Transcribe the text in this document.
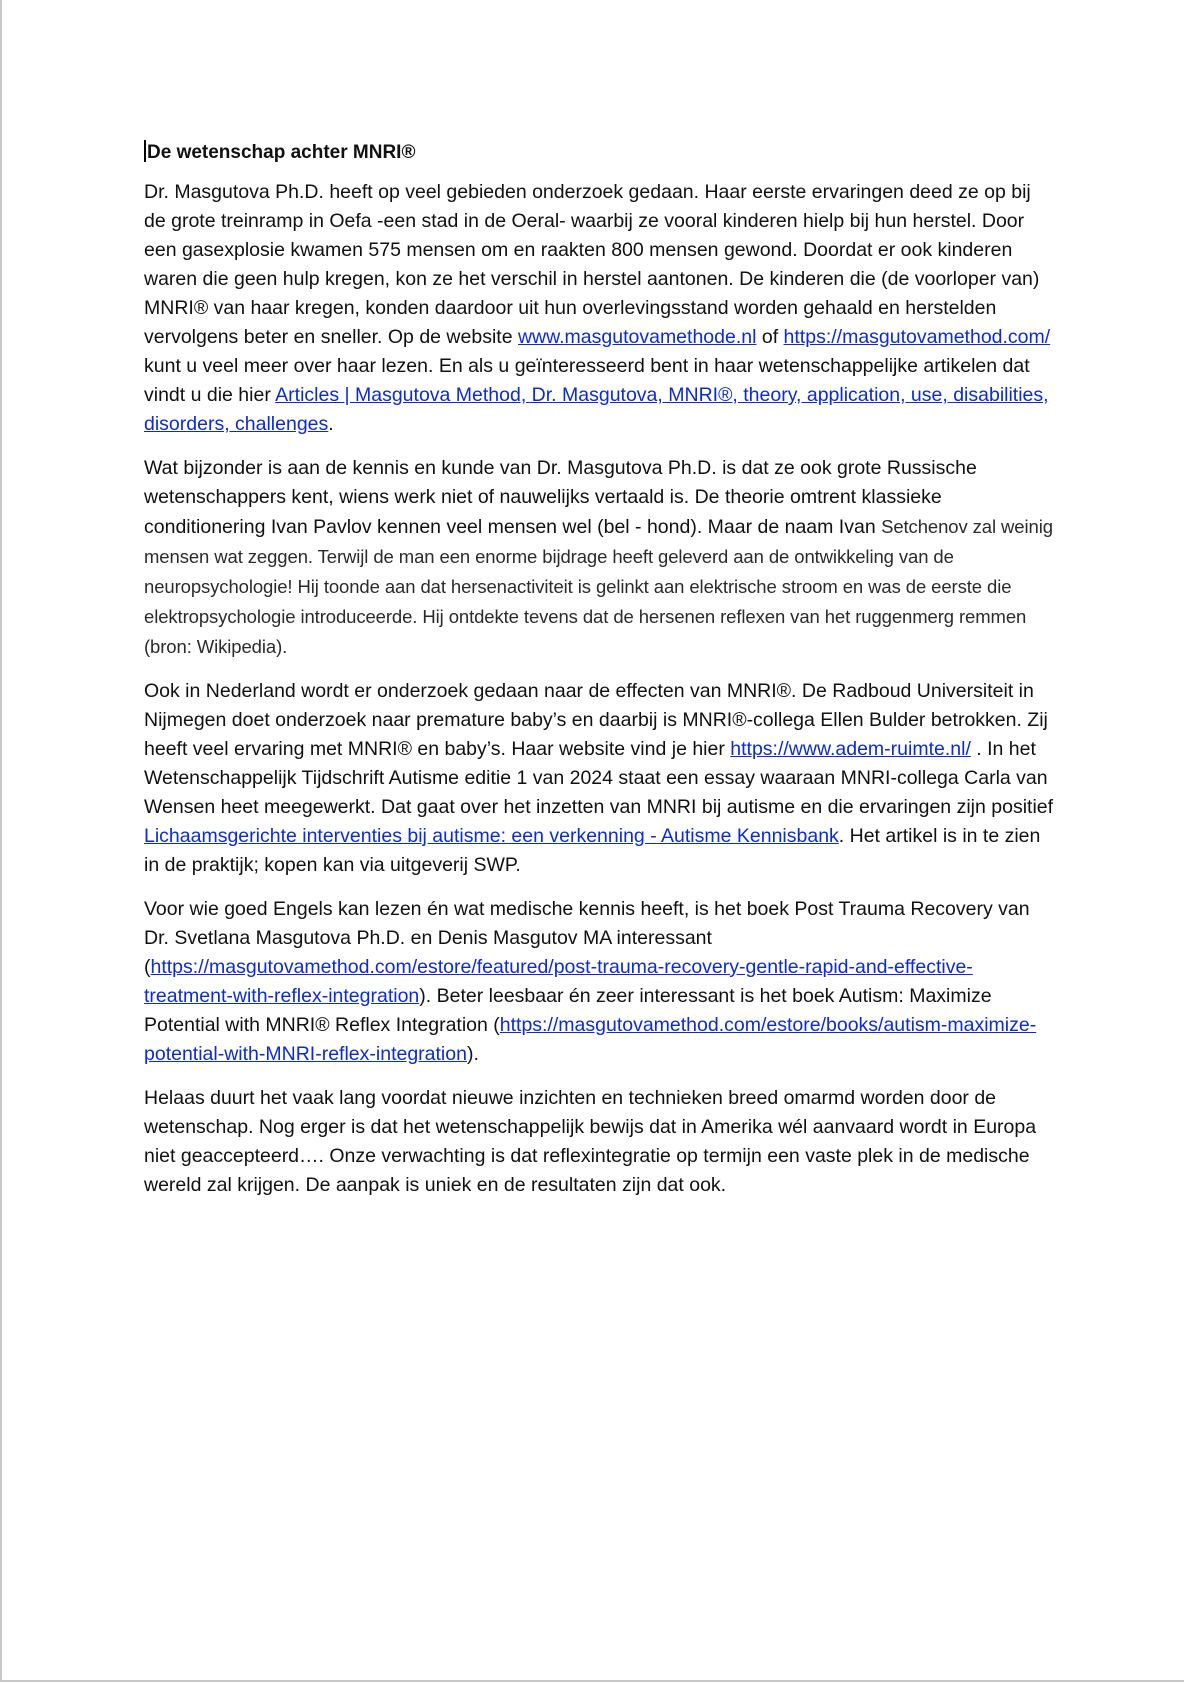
De wetenschap achter MNRI®

Dr. Masgutova Ph.D. heeft op veel gebieden onderzoek gedaan. Haar eerste ervaringen deed ze op bij de grote treinramp in Oefa -een stad in de Oeral- waarbij ze vooral kinderen hielp bij hun herstel. Door een gasexplosie kwamen 575 mensen om en raakten 800 mensen gewond. Doordat er ook kinderen waren die geen hulp kregen, kon ze het verschil in herstel aantonen. De kinderen die (de voorloper van) MNRI® van haar kregen, konden daardoor uit hun overlevingsstand worden gehaald en herstelden vervolgens beter en sneller. Op de website www.masgutovamethode.nl of https://masgutovamethod.com/ kunt u veel meer over haar lezen. En als u geïnteresseerd bent in haar wetenschappelijke artikelen dat vindt u die hier Articles | Masgutova Method, Dr. Masgutova, MNRI®, theory, application, use, disabilities, disorders, challenges.

Wat bijzonder is aan de kennis en kunde van Dr. Masgutova Ph.D. is dat ze ook grote Russische wetenschappers kent, wiens werk niet of nauwelijks vertaald is. De theorie omtrent klassieke conditionering Ivan Pavlov kennen veel mensen wel (bel - hond). Maar de naam Ivan Setchenov zal weinig mensen wat zeggen. Terwijl de man een enorme bijdrage heeft geleverd aan de ontwikkeling van de neuropsychologie! Hij toonde aan dat hersenactiviteit is gelinkt aan elektrische stroom en was de eerste die elektropsychologie introduceerde. Hij ontdekte tevens dat de hersenen reflexen van het ruggenmerg remmen (bron: Wikipedia).

Ook in Nederland wordt er onderzoek gedaan naar de effecten van MNRI®. De Radboud Universiteit in Nijmegen doet onderzoek naar premature baby’s en daarbij is MNRI®-collega Ellen Bulder betrokken. Zij heeft veel ervaring met MNRI® en baby’s. Haar website vind je hier https://www.adem-ruimte.nl/ . In het Wetenschappelijk Tijdschrift Autisme editie 1 van 2024 staat een essay waaraan MNRI-collega Carla van Wensen heet meegewerkt. Dat gaat over het inzetten van MNRI bij autisme en die ervaringen zijn positief Lichaamsgerichte interventies bij autisme: een verkenning - Autisme Kennisbank. Het artikel is in te zien in de praktijk; kopen kan via uitgeverij SWP.

Voor wie goed Engels kan lezen én wat medische kennis heeft, is het boek Post Trauma Recovery van Dr. Svetlana Masgutova Ph.D. en Denis Masgutov MA interessant (https://masgutovamethod.com/estore/featured/post-trauma-recovery-gentle-rapid-and-effective-treatment-with-reflex-integration). Beter leesbaar én zeer interessant is het boek Autism: Maximize Potential with MNRI® Reflex Integration (https://masgutovamethod.com/estore/books/autism-maximize-potential-with-MNRI-reflex-integration).

Helaas duurt het vaak lang voordat nieuwe inzichten en technieken breed omarmd worden door de wetenschap. Nog erger is dat het wetenschappelijk bewijs dat in Amerika wél aanvaard wordt in Europa niet geaccepteerd…. Onze verwachting is dat reflexintegratie op termijn een vaste plek in de medische wereld zal krijgen. De aanpak is uniek en de resultaten zijn dat ook.
